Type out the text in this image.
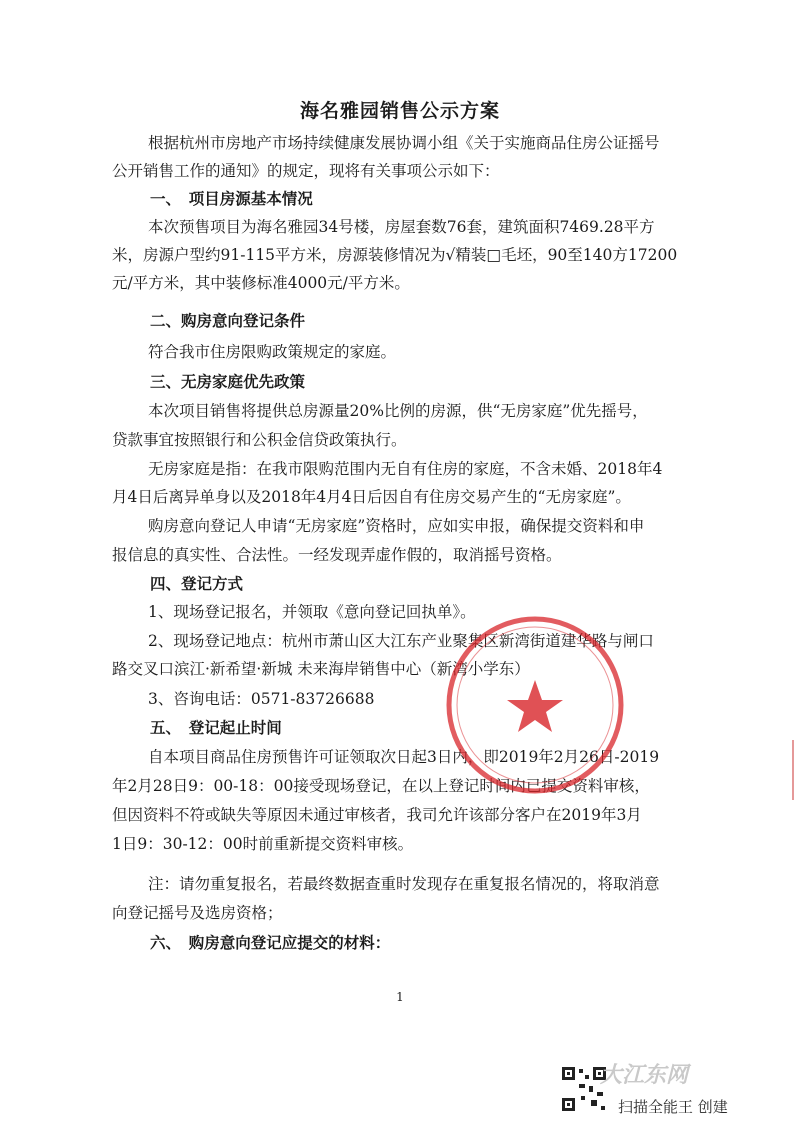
海名雅园销售公示方案
根据杭州市房地产市场持续健康发展协调小组《关于实施商品住房公证摇号
公开销售工作的通知》的规定，现将有关事项公示如下：
一、　项目房源基本情况
本次预售项目为海名雅园34号楼，房屋套数76套，建筑面积7469.28平方
米，房源户型约91-115平方米，房源装修情况为√精装□毛坯，90至140方17200
元/平方米，其中装修标准4000元/平方米。
二、购房意向登记条件
符合我市住房限购政策规定的家庭。
三、无房家庭优先政策
本次项目销售将提供总房源量20%比例的房源，供“无房家庭”优先摇号，
贷款事宜按照银行和公积金信贷政策执行。
无房家庭是指：在我市限购范围内无自有住房的家庭，不含未婚、2018年4
月4日后离异单身以及2018年4月4日后因自有住房交易产生的“无房家庭”。
购房意向登记人申请“无房家庭”资格时，应如实申报，确保提交资料和申
报信息的真实性、合法性。一经发现弄虚作假的，取消摇号资格。
四、登记方式
1、现场登记报名，并领取《意向登记回执单》。
2、现场登记地点：杭州市萧山区大江东产业聚集区新湾街道建华路与闸口
路交叉口滨江·新希望·新城 未来海岸销售中心（新湾小学东）
3、咨询电话：0571-83726688
五、　登记起止时间
自本项目商品住房预售许可证领取次日起3日内，即2019年2月26日-2019
年2月28日9：00-18：00接受现场登记，在以上登记时间内已提交资料审核，
但因资料不符或缺失等原因未通过审核者，我司允许该部分客户在2019年3月
1日9：30-12：00时前重新提交资料审核。
注：请勿重复报名，若最终数据查重时发现存在重复报名情况的，将取消意
向登记摇号及选房资格；
六、　购房意向登记应提交的材料：
1
大江东网
扫描全能王 创建
